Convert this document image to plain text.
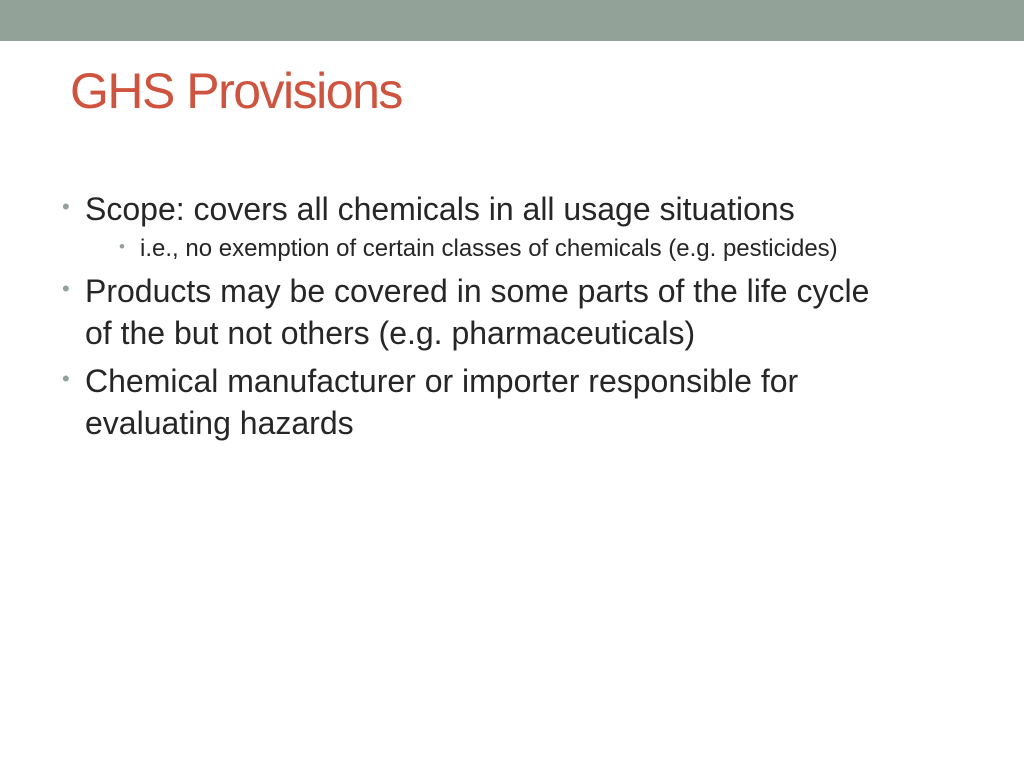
GHS Provisions
• Scope: covers all chemicals in all usage situations
• i.e., no exemption of certain classes of chemicals (e.g. pesticides)
• Products may be covered in some parts of the life cycle of the but not others (e.g. pharmaceuticals)
• Chemical manufacturer or importer responsible for evaluating hazards
